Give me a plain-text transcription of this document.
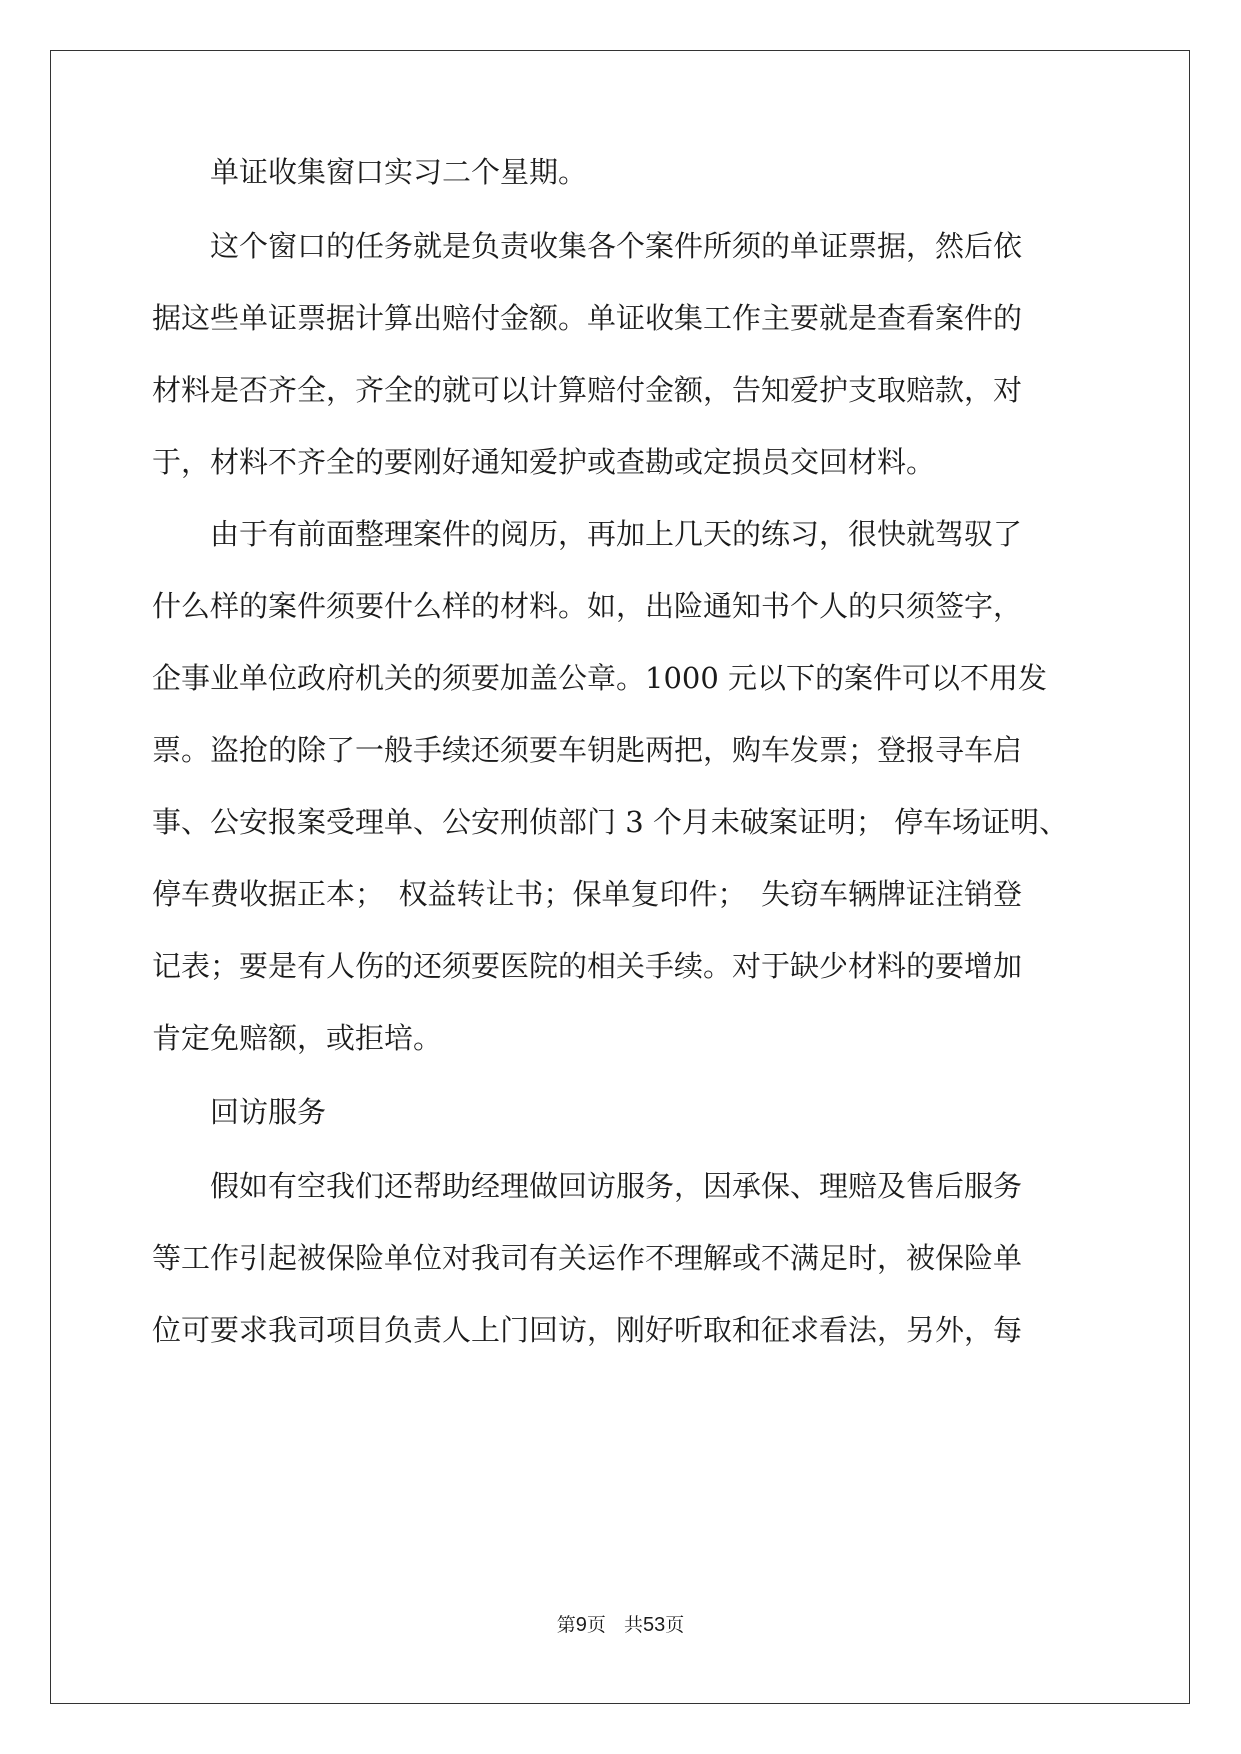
　　单证收集窗口实习二个星期。
　　这个窗口的任务就是负责收集各个案件所须的单证票据，然后依
据这些单证票据计算出赔付金额。单证收集工作主要就是查看案件的
材料是否齐全，齐全的就可以计算赔付金额，告知爱护支取赔款，对
于，材料不齐全的要刚好通知爱护或查勘或定损员交回材料。
　　由于有前面整理案件的阅历，再加上几天的练习，很快就驾驭了
什么样的案件须要什么样的材料。如，出险通知书个人的只须签字，
企事业单位政府机关的须要加盖公章。1000 元以下的案件可以不用发
票。盗抢的除了一般手续还须要车钥匙两把，购车发票；登报寻车启
事、公安报案受理单、公安刑侦部门 3 个月未破案证明； 停车场证明、
停车费收据正本；　权益转让书；保单复印件；　失窃车辆牌证注销登
记表；要是有人伤的还须要医院的相关手续。对于缺少材料的要增加
肯定免赔额，或拒培。
　　回访服务
　　假如有空我们还帮助经理做回访服务，因承保、理赔及售后服务
等工作引起被保险单位对我司有关运作不理解或不满足时，被保险单
位可要求我司项目负责人上门回访，刚好听取和征求看法，另外，每
第9页 共53页
